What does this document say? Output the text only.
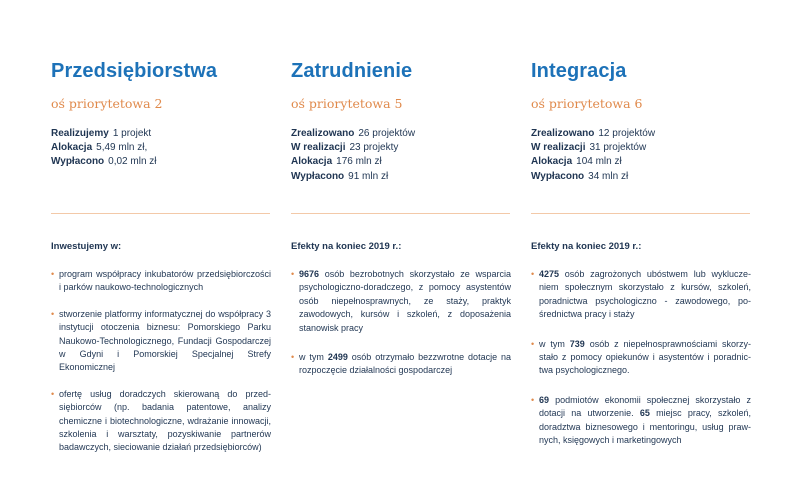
Przedsiębiorstwa
oś priorytetowa 2
Realizujemy 1 projekt
Alokacja 5,49 mln zł,
Wypłacono 0,02 mln zł
Inwestujemy w:
• program współpracy inkubatorów przedsiębiorczości i parków naukowo-technologicznych
• stworzenie platformy informatycznej do współpracy 3 instytucji otoczenia biznesu: Pomorskiego Parku Naukowo-Technologicznego, Fundacji Gospodarczej w Gdyni i Pomorskiej Specjalnej Strefy Ekonomicznej
• ofertę usług doradczych skierowaną do przedsiębiorców (np. badania patentowe, analizy chemiczne i biotechnologiczne, wdrażanie innowacji, szkolenia i warsztaty, pozyskiwanie partnerów badawczych, sieciowanie działań przedsiębiorców)
Zatrudnienie
oś priorytetowa 5
Zrealizowano 26 projektów
W realizacji 23 projekty
Alokacja 176 mln zł
Wypłacono 91 mln zł
Efekty na koniec 2019 r.:
• 9676 osób bezrobotnych skorzystało ze wsparcia psychologiczno-doradczego, z pomocy asystentów osób niepełnosprawnych, ze staży, praktyk zawodowych, kursów i szkoleń, z doposażenia stanowisk pracy
• w tym 2499 osób otrzymało bezzwrotne dotacje na rozpoczęcie działalności gospodarczej
Integracja
oś priorytetowa 6
Zrealizowano 12 projektów
W realizacji 31 projektów
Alokacja 104 mln zł
Wypłacono 34 mln zł
Efekty na koniec 2019 r.:
• 4275 osób zagrożonych ubóstwem lub wykluczeniem społecznym skorzystało z kursów, szkoleń, poradnictwa psychologiczno - zawodowego, pośrednictwa pracy i staży
• w tym 739 osób z niepełnosprawnościami skorzystało z pomocy opiekunów i asystentów i poradnictwa psychologicznego.
• 69 podmiotów ekonomii społecznej skorzystało z dotacji na utworzenie. 65 miejsc pracy, szkoleń, doradztwa biznesowego i mentoringu, usług prawnych, księgowych i marketingowych
